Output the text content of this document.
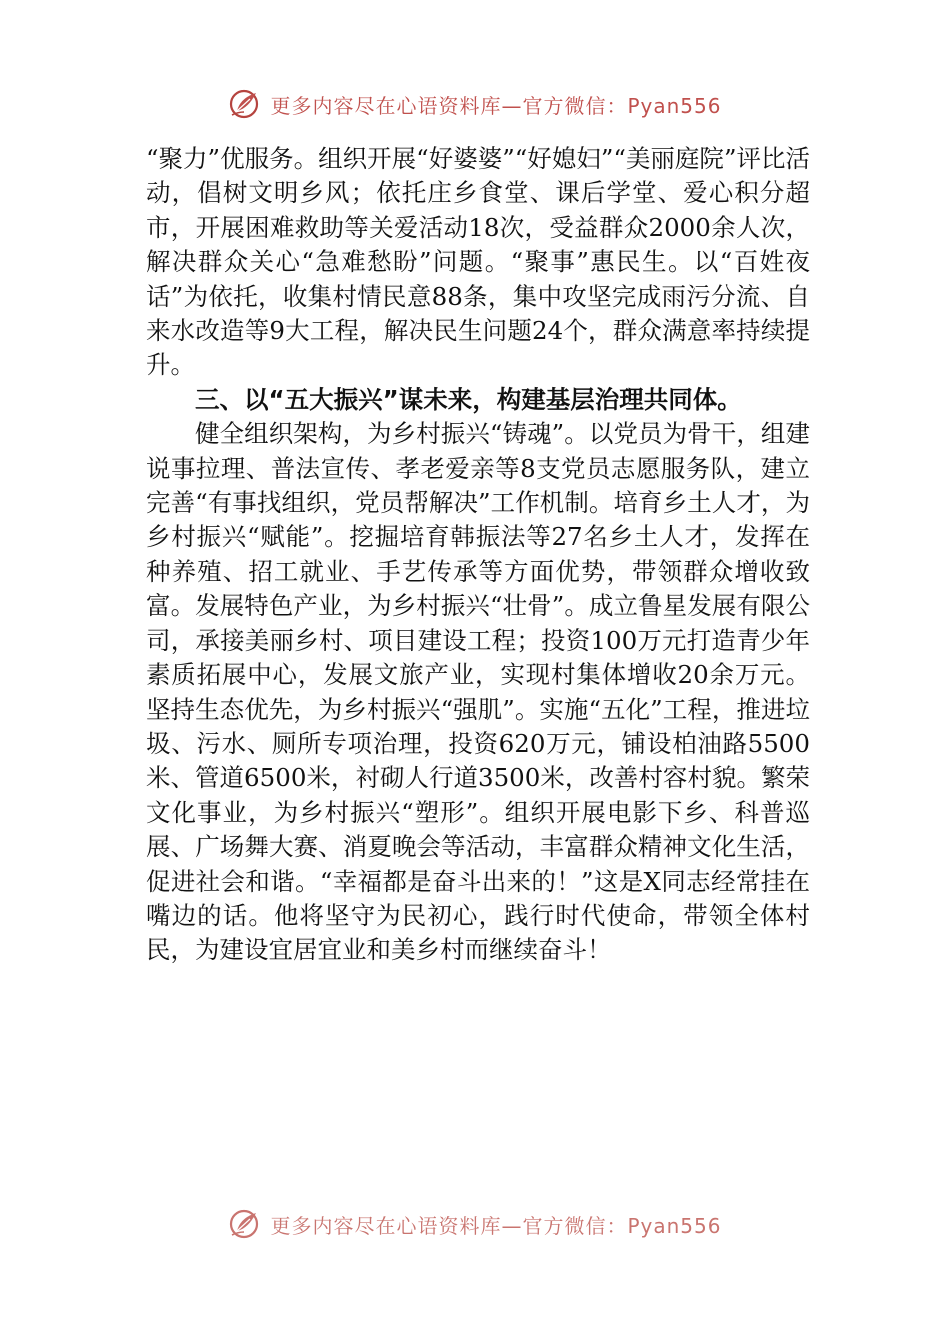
更多内容尽在心语资料库—官方微信：Pyan556

“聚力”优服务。组织开展“好婆婆”“好媳妇”“美丽庭院”评比活动，倡树文明乡风；依托庄乡食堂、课后学堂、爱心积分超市，开展困难救助等关爱活动18次，受益群众2000余人次，解决群众关心“急难愁盼”问题。“聚事”惠民生。以“百姓夜话”为依托，收集村情民意88条，集中攻坚完成雨污分流、自来水改造等9大工程，解决民生问题24个，群众满意率持续提升。

三、以“五大振兴”谋未来，构建基层治理共同体。

健全组织架构，为乡村振兴“铸魂”。以党员为骨干，组建说事拉理、普法宣传、孝老爱亲等8支党员志愿服务队，建立完善“有事找组织，党员帮解决”工作机制。培育乡土人才，为乡村振兴“赋能”。挖掘培育韩振法等27名乡土人才，发挥在种养殖、招工就业、手艺传承等方面优势，带领群众增收致富。发展特色产业，为乡村振兴“壮骨”。成立鲁星发展有限公司，承接美丽乡村、项目建设工程；投资100万元打造青少年素质拓展中心，发展文旅产业，实现村集体增收20余万元。坚持生态优先，为乡村振兴“强肌”。实施“五化”工程，推进垃圾、污水、厕所专项治理，投资620万元，铺设柏油路5500米、管道6500米，衬砌人行道3500米，改善村容村貌。繁荣文化事业，为乡村振兴“塑形”。组织开展电影下乡、科普巡展、广场舞大赛、消夏晚会等活动，丰富群众精神文化生活，促进社会和谐。“幸福都是奋斗出来的！”这是X同志经常挂在嘴边的话。他将坚守为民初心，践行时代使命，带领全体村民，为建设宜居宜业和美乡村而继续奋斗！

更多内容尽在心语资料库—官方微信：Pyan556
